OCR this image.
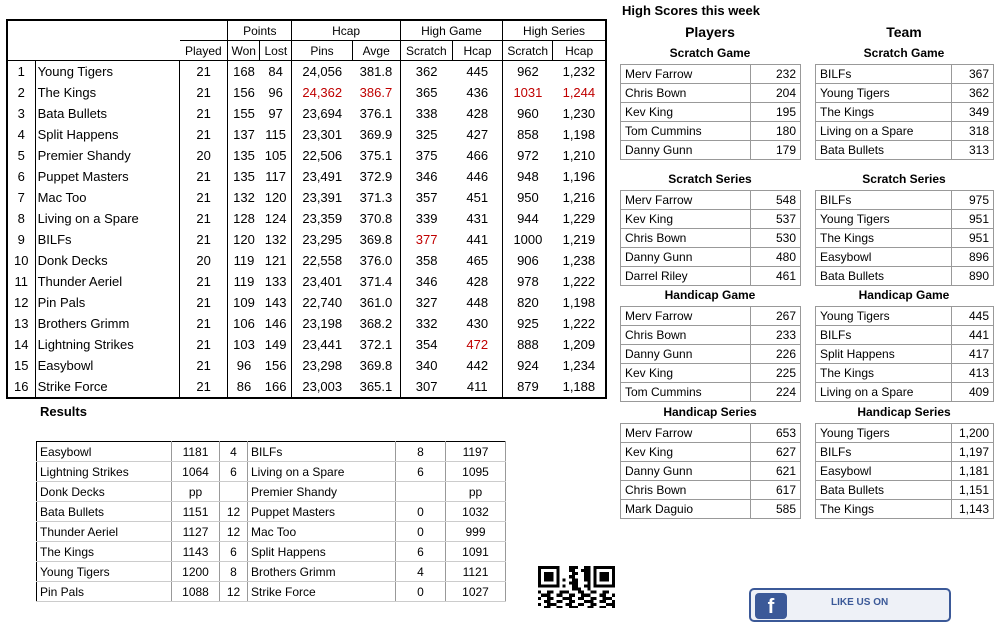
			Points		Hcap		High Game		High Series	
		Played	Won	Lost	Pins	Avge	Scratch	Hcap	Scratch	Hcap
1	Young Tigers	21	168	84	24,056	381.8	362	445	962	1,232
2	The Kings	21	156	96	24,362	386.7	365	436	1031	1,244
3	Bata Bullets	21	155	97	23,694	376.1	338	428	960	1,230
4	Split Happens	21	137	115	23,301	369.9	325	427	858	1,198
5	Premier Shandy	20	135	105	22,506	375.1	375	466	972	1,210
6	Puppet Masters	21	135	117	23,491	372.9	346	446	948	1,196
7	Mac Too	21	132	120	23,391	371.3	357	451	950	1,216
8	Living on a Spare	21	128	124	23,359	370.8	339	431	944	1,229
9	BILFs	21	120	132	23,295	369.8	377	441	1000	1,219
10	Donk Decks	20	119	121	22,558	376.0	358	465	906	1,238
11	Thunder Aeriel	21	119	133	23,401	371.4	346	428	978	1,222
12	Pin Pals	21	109	143	22,740	361.0	327	448	820	1,198
13	Brothers Grimm	21	106	146	23,198	368.2	332	430	925	1,222
14	Lightning Strikes	21	103	149	23,441	372.1	354	472	888	1,209
15	Easybowl	21	96	156	23,298	369.8	340	442	924	1,234
16	Strike Force	21	86	166	23,003	365.1	307	411	879	1,188
High Scores this week
Players	Team
Scratch Game
Merv Farrow	232
Chris Bown	204
Kev King	195
Tom Cummins	180
Danny Gunn	179
Scratch Game
BILFs	367
Young Tigers	362
The Kings	349
Living on a Spare	318
Bata Bullets	313
Scratch Series
Merv Farrow	548
Kev King	537
Chris Bown	530
Danny Gunn	480
Darrel Riley	461
Scratch Series
BILFs	975
Young Tigers	951
The Kings	951
Easybowl	896
Bata Bullets	890
Handicap Game
Merv Farrow	267
Chris Bown	233
Danny Gunn	226
Kev King	225
Tom Cummins	224
Handicap Game
Young Tigers	445
BILFs	441
Split Happens	417
The Kings	413
Living on a Spare	409
Handicap Series
Merv Farrow	653
Kev King	627
Danny Gunn	621
Chris Bown	617
Mark Daguio	585
Handicap Series
Young Tigers	1,200
BILFs	1,197
Easybowl	1,181
Bata Bullets	1,151
The Kings	1,143
Results
Easybowl	1181	4	BILFs	8	1197
Lightning Strikes	1064	6	Living on a Spare	6	1095
Donk Decks	pp		Premier Shandy		pp
Bata Bullets	1151	12	Puppet Masters	0	1032
Thunder Aeriel	1127	12	Mac Too	0	999
The Kings	1143	6	Split Happens	6	1091
Young Tigers	1200	8	Brothers Grimm	4	1121
Pin Pals	1088	12	Strike Force	0	1027
f	LIKE US ON
